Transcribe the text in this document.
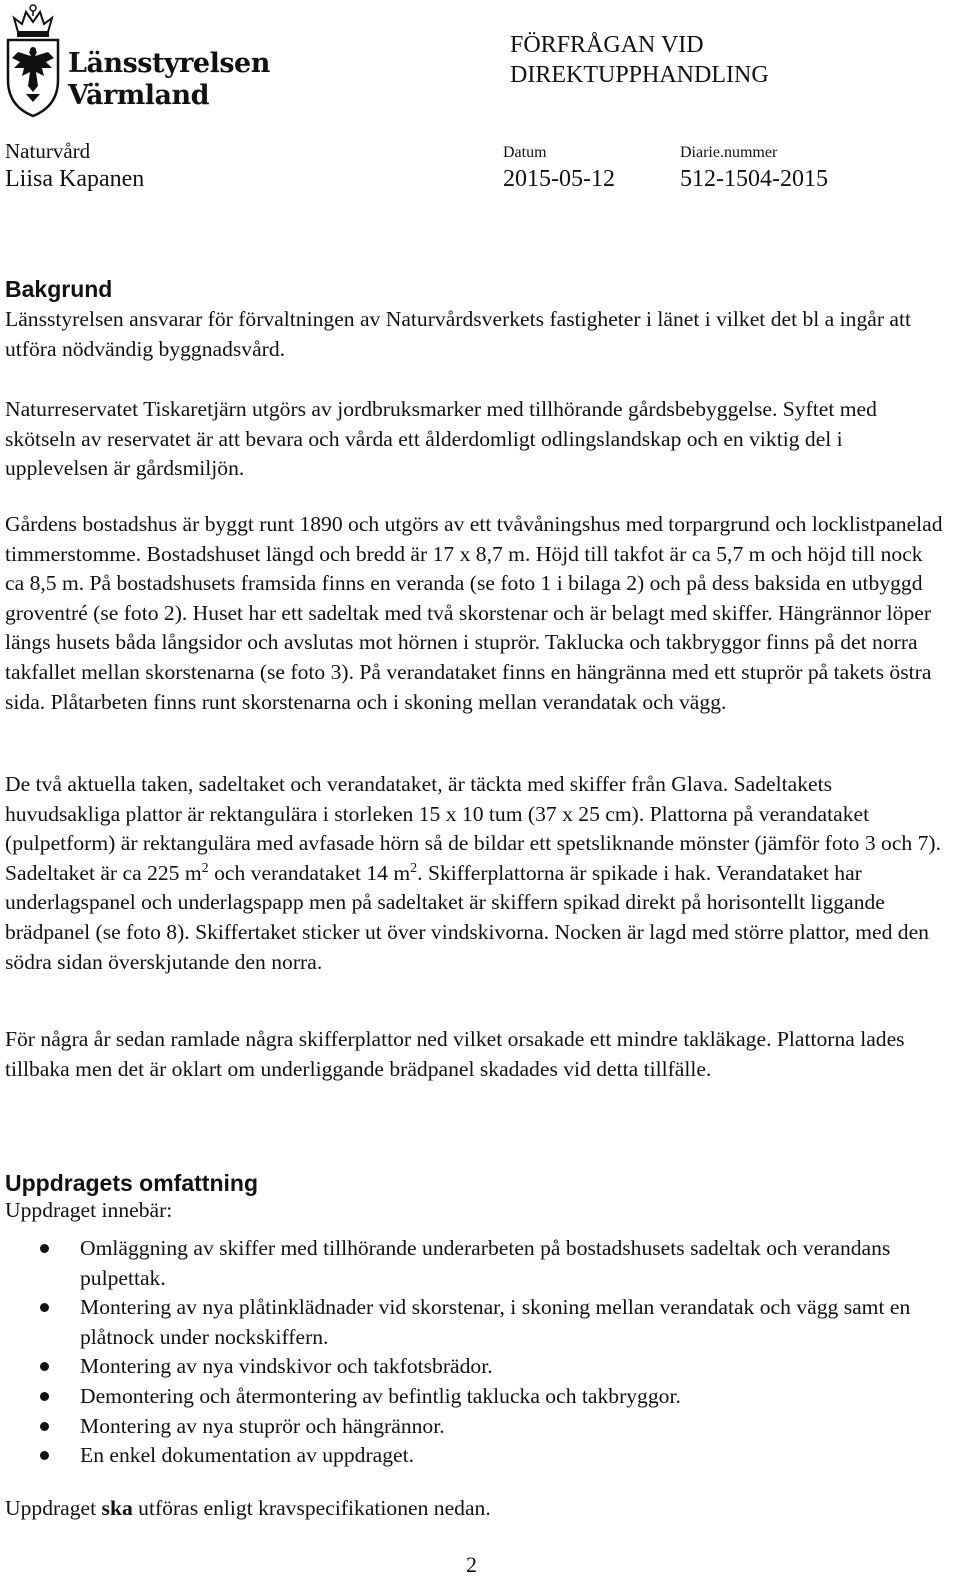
Länsstyrelsen
Värmland
FÖRFRÅGAN VID
DIREKTUPPHANDLING
Naturvård
Liisa Kapanen
Datum
2015-05-12
Diarie.nummer
512-1504-2015
Bakgrund

Länsstyrelsen ansvarar för förvaltningen av Naturvårdsverkets fastigheter i länet i vilket det bl a ingår att utföra nödvändig byggnadsvård.

Naturreservatet Tiskaretjärn utgörs av jordbruksmarker med tillhörande gårdsbebyggelse. Syftet med skötseln av reservatet är att bevara och vårda ett ålderdomligt odlingslandskap och en viktig del i upplevelsen är gårdsmiljön.

Gårdens bostadshus är byggt runt 1890 och utgörs av ett tvåvåningshus med torpargrund och locklistpanelad timmerstomme. Bostadshuset längd och bredd är 17 x 8,7 m. Höjd till takfot är ca 5,7 m och höjd till nock ca 8,5 m. På bostadshusets framsida finns en veranda (se foto 1 i bilaga 2) och på dess baksida en utbyggd groventré (se foto 2). Huset har ett sadeltak med två skorstenar och är belagt med skiffer. Hängrännor löper längs husets båda långsidor och avslutas mot hörnen i stuprör. Taklucka och takbryggor finns på det norra takfallet mellan skorstenarna (se foto 3). På verandataket finns en hängränna med ett stuprör på takets östra sida. Plåtarbeten finns runt skorstenarna och i skoning mellan verandatak och vägg.

De två aktuella taken, sadeltaket och verandataket, är täckta med skiffer från Glava. Sadeltakets huvudsakliga plattor är rektangulära i storleken 15 x 10 tum (37 x 25 cm). Plattorna på verandataket (pulpetform) är rektangulära med avfasade hörn så de bildar ett spetsliknande mönster (jämför foto 3 och 7). Sadeltaket är ca 225 $m^2$ och verandataket 14 $m^2$. Skifferplattorna är spikade i hak. Verandataket har underlagspanel och underlagspapp men på sadeltaket är skiffern spikad direkt på horisontellt liggande brädpanel (se foto 8). Skiffertaket sticker ut över vindskivorna. Nocken är lagd med större plattor, med den södra sidan överskjutande den norra.

För några år sedan ramlade några skifferplattor ned vilket orsakade ett mindre takläkage. Plattorna lades tillbaka men det är oklart om underliggande brädpanel skadades vid detta tillfälle.

Uppdragets omfattning

Uppdraget innebär:

Omläggning av skiffer med tillhörande underarbeten på bostadshusets sadeltak och verandans pulpettak.
Montering av nya plåtinklädnader vid skorstenar, i skoning mellan verandatak och vägg samt en plåtnock under nockskiffern.
Montering av nya vindskivor och takfotsbrädor.
Demontering och återmontering av befintlig taklucka och takbryggor.
Montering av nya stuprör och hängrännor.
En enkel dokumentation av uppdraget.

Uppdraget ska utföras enligt kravspecifikationen nedan.

2
